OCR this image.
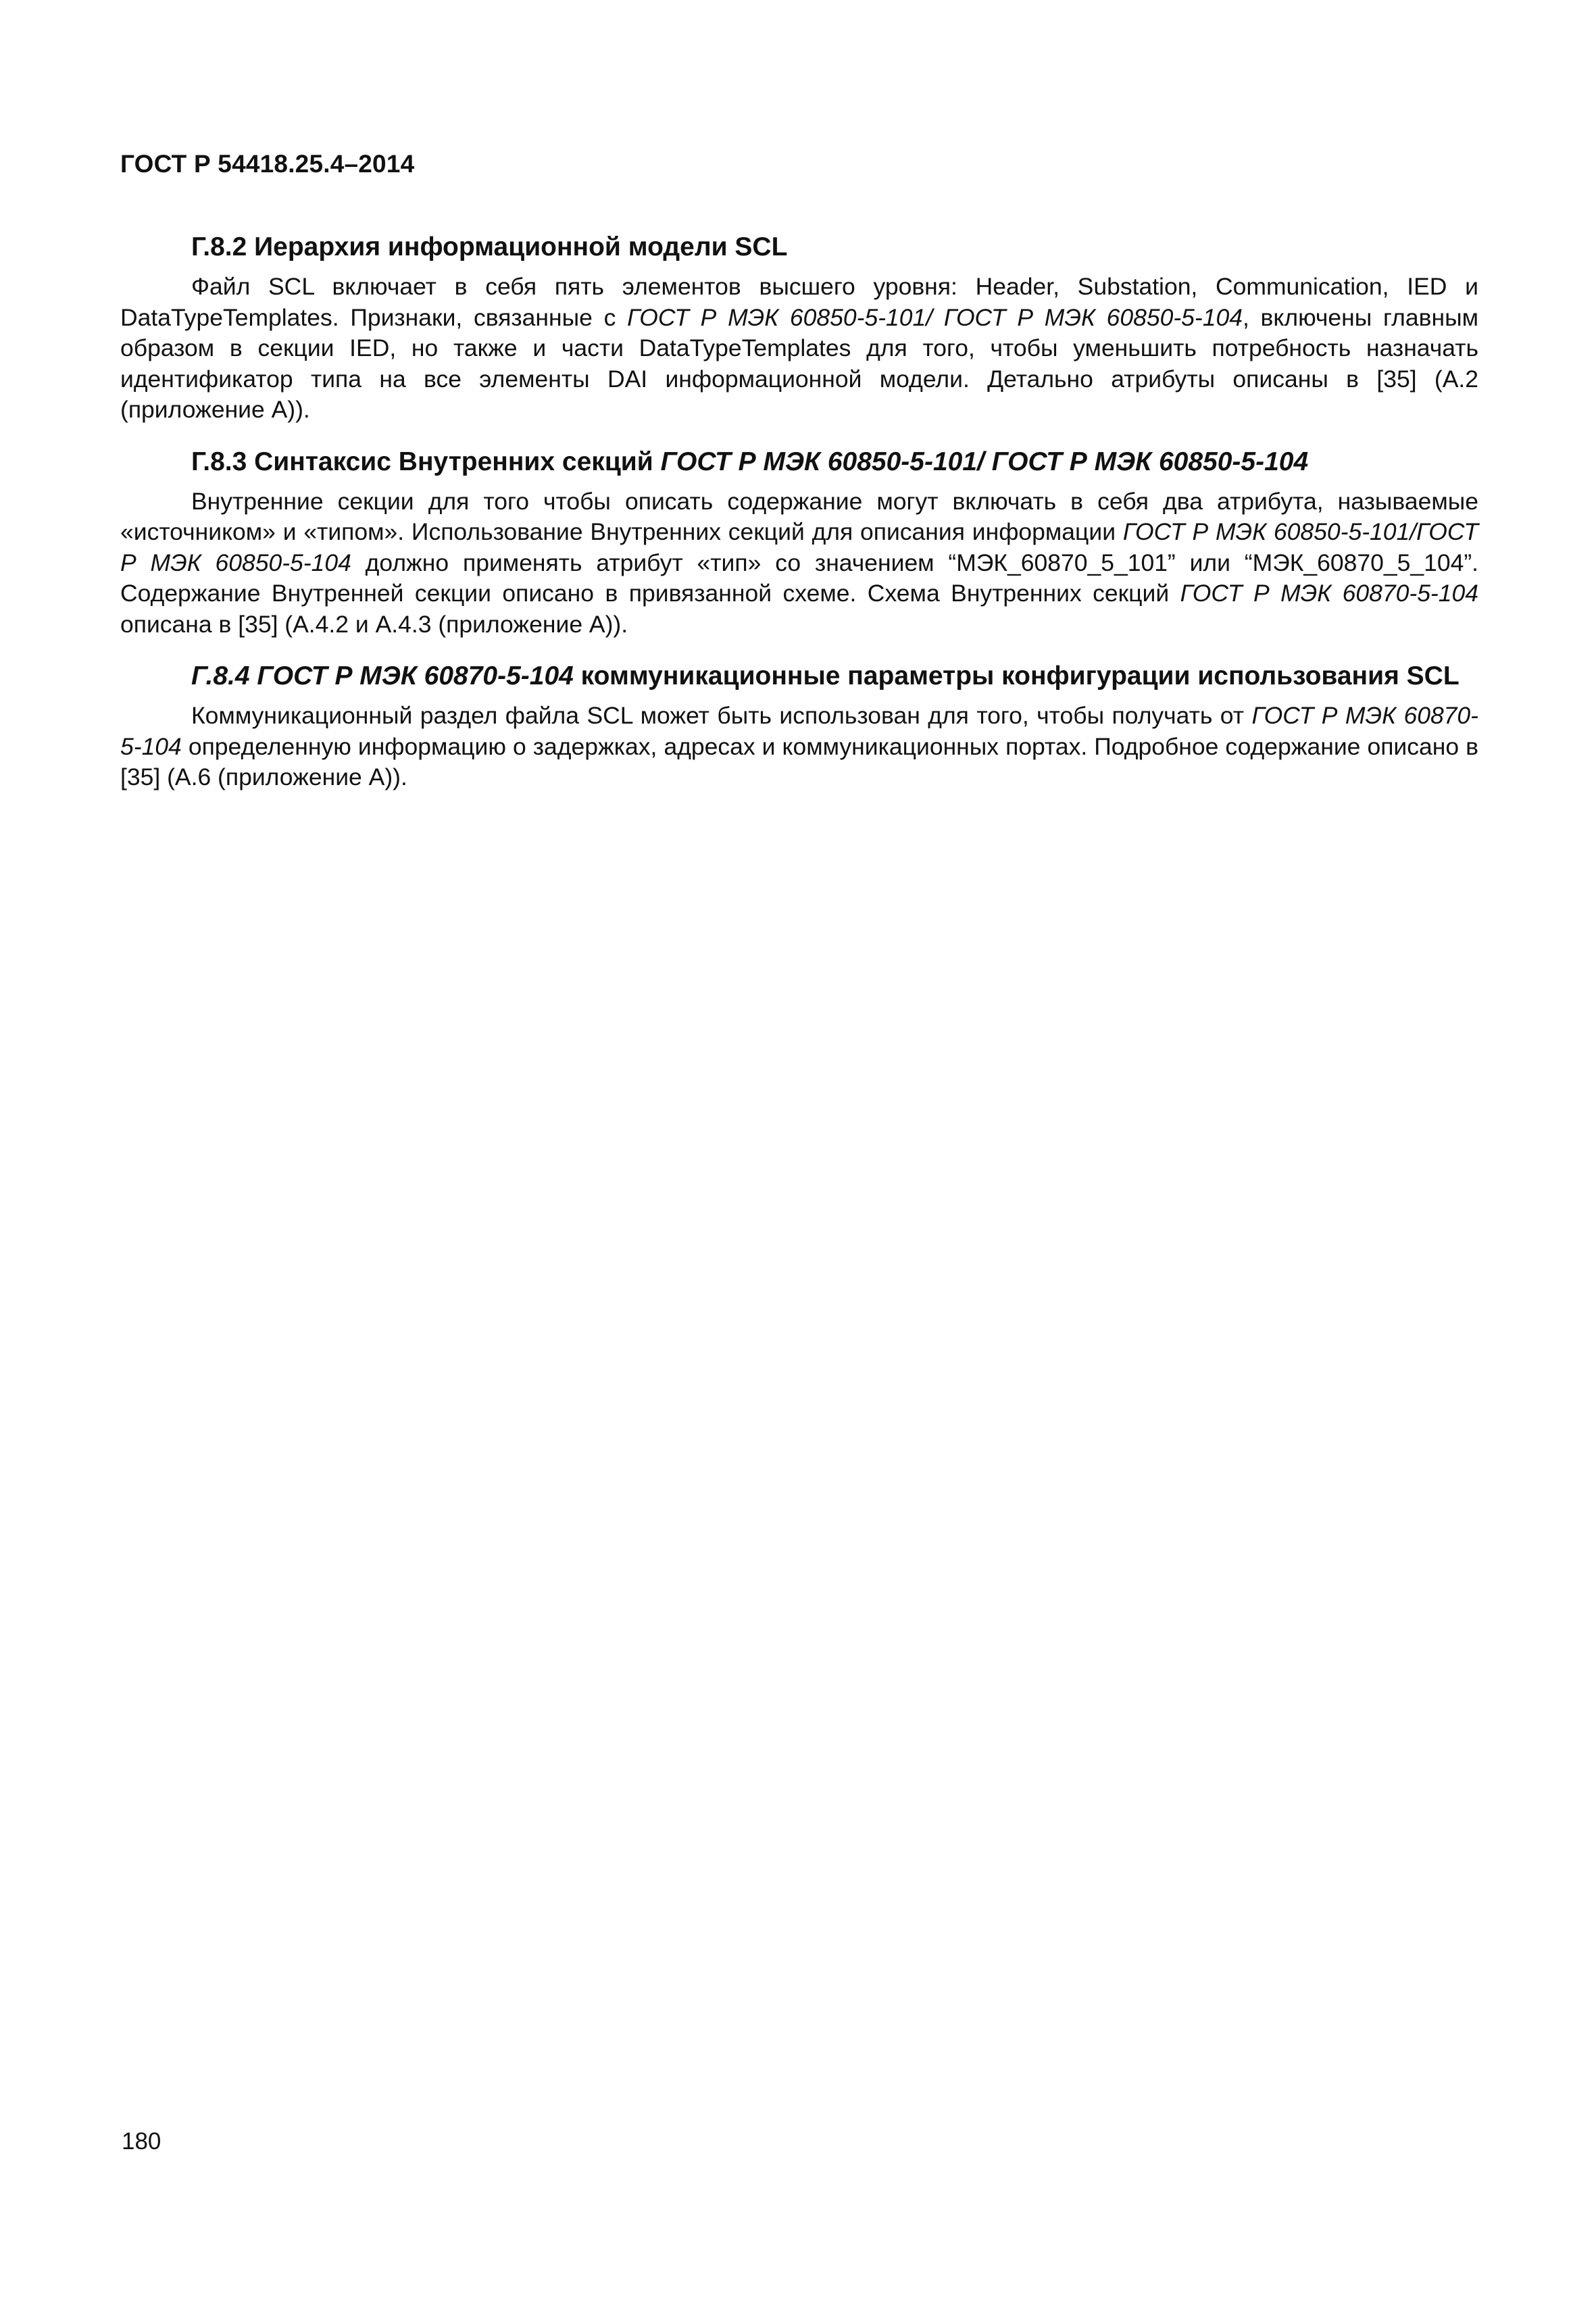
ГОСТ Р 54418.25.4–2014
Г.8.2 Иерархия информационной модели SCL

Файл SCL включает в себя пять элементов высшего уровня: Header, Substation, Communication, IED и DataTypeTemplates. Признаки, связанные с ГОСТ Р МЭК 60850-5-101/ ГОСТ Р МЭК 60850-5-104, включены главным образом в секции IED, но также и части DataTypeTemplates для того, чтобы уменьшить потребность назначать идентификатор типа на все элементы DAI информационной модели. Детально атрибуты описаны в [35] (A.2 (приложение А)).

Г.8.3 Синтаксис Внутренних секций ГОСТ Р МЭК 60850-5-101/ ГОСТ Р МЭК 60850-5-104

Внутренние секции для того чтобы описать содержание могут включать в себя два атрибута, называемые «источником» и «типом». Использование Внутренних секций для описания информации ГОСТ Р МЭК 60850-5-101/ГОСТ Р МЭК 60850-5-104 должно применять атрибут «тип» со значением “МЭК_60870_5_101” или “МЭК_60870_5_104”. Содержание Внутренней секции описано в привязанной схеме. Схема Внутренних секций ГОСТ Р МЭК 60870-5-104 описана в [35] (A.4.2 и A.4.3 (приложение А)).

Г.8.4 ГОСТ Р МЭК 60870-5-104 коммуникационные параметры конфигурации использования SCL

Коммуникационный раздел файла SCL может быть использован для того, чтобы получать от ГОСТ Р МЭК 60870-5-104 определенную информацию о задержках, адресах и коммуникационных портах. Подробное содержание описано в [35] (A.6 (приложение А)).

180
